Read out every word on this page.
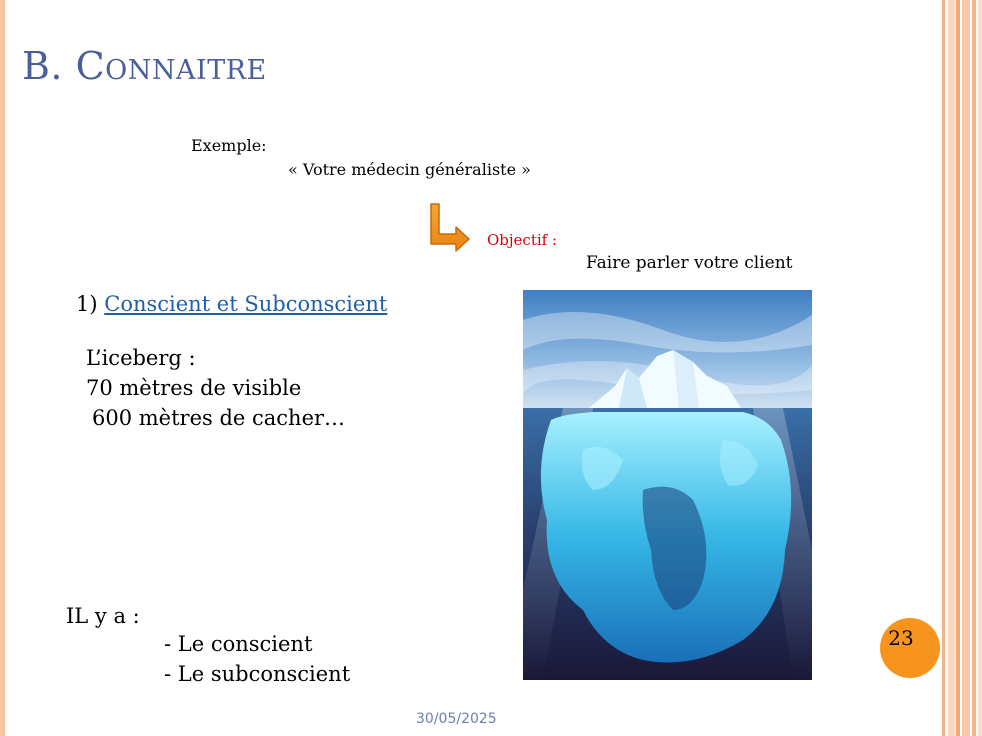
B. Connaitre
Exemple:
« Votre médecin généraliste »
Objectif :
Faire parler votre client
1) Conscient et Subconscient
L’iceberg :
70 mètres de visible
600 mètres de cacher…
IL y a :
- Le conscient
- Le subconscient
23
30/05/2025
